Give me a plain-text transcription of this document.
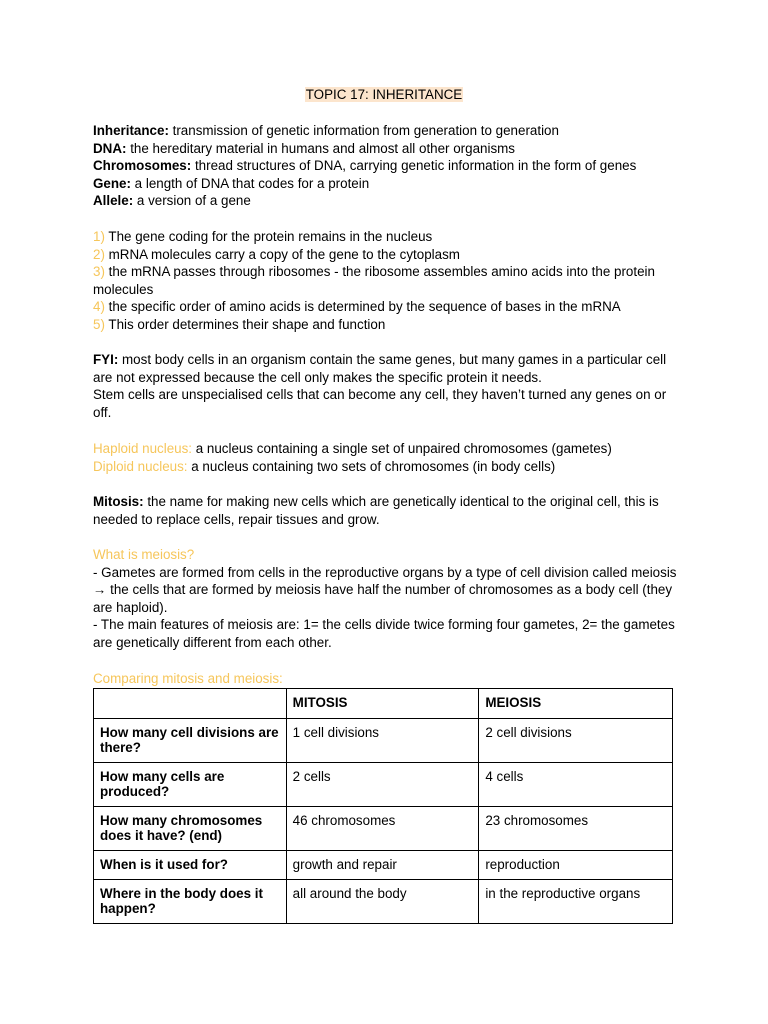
TOPIC 17: INHERITANCE

Inheritance: transmission of genetic information from generation to generation

DNA: the hereditary material in humans and almost all other organisms

Chromosomes: thread structures of DNA, carrying genetic information in the form of genes

Gene: a length of DNA that codes for a protein

Allele: a version of a gene

1) The gene coding for the protein remains in the nucleus

2) mRNA molecules carry a copy of the gene to the cytoplasm

3) the mRNA passes through ribosomes - the ribosome assembles amino acids into the protein molecules

4) the specific order of amino acids is determined by the sequence of bases in the mRNA

5) This order determines their shape and function

FYI: most body cells in an organism contain the same genes, but many games in a particular cell are not expressed because the cell only makes the specific protein it needs.

Stem cells are unspecialised cells that can become any cell, they haven’t turned any genes on or off.

Haploid nucleus: a nucleus containing a single set of unpaired chromosomes (gametes)

Diploid nucleus: a nucleus containing two sets of chromosomes (in body cells)

Mitosis: the name for making new cells which are genetically identical to the original cell, this is needed to replace cells, repair tissues and grow.

What is meiosis?

- Gametes are formed from cells in the reproductive organs by a type of cell division called meiosis → the cells that are formed by meiosis have half the number of chromosomes as a body cell (they are haploid).

- The main features of meiosis are: 1= the cells divide twice forming four gametes, 2= the gametes are genetically different from each other.

Comparing mitosis and meiosis:

	MITOSIS	MEIOSIS
How many cell divisions are there?	1 cell divisions	2 cell divisions
How many cells are produced?	2 cells	4 cells
How many chromosomes does it have? (end)	46 chromosomes	23 chromosomes
When is it used for?	growth and repair	reproduction
Where in the body does it happen?	all around the body	in the reproductive organs
